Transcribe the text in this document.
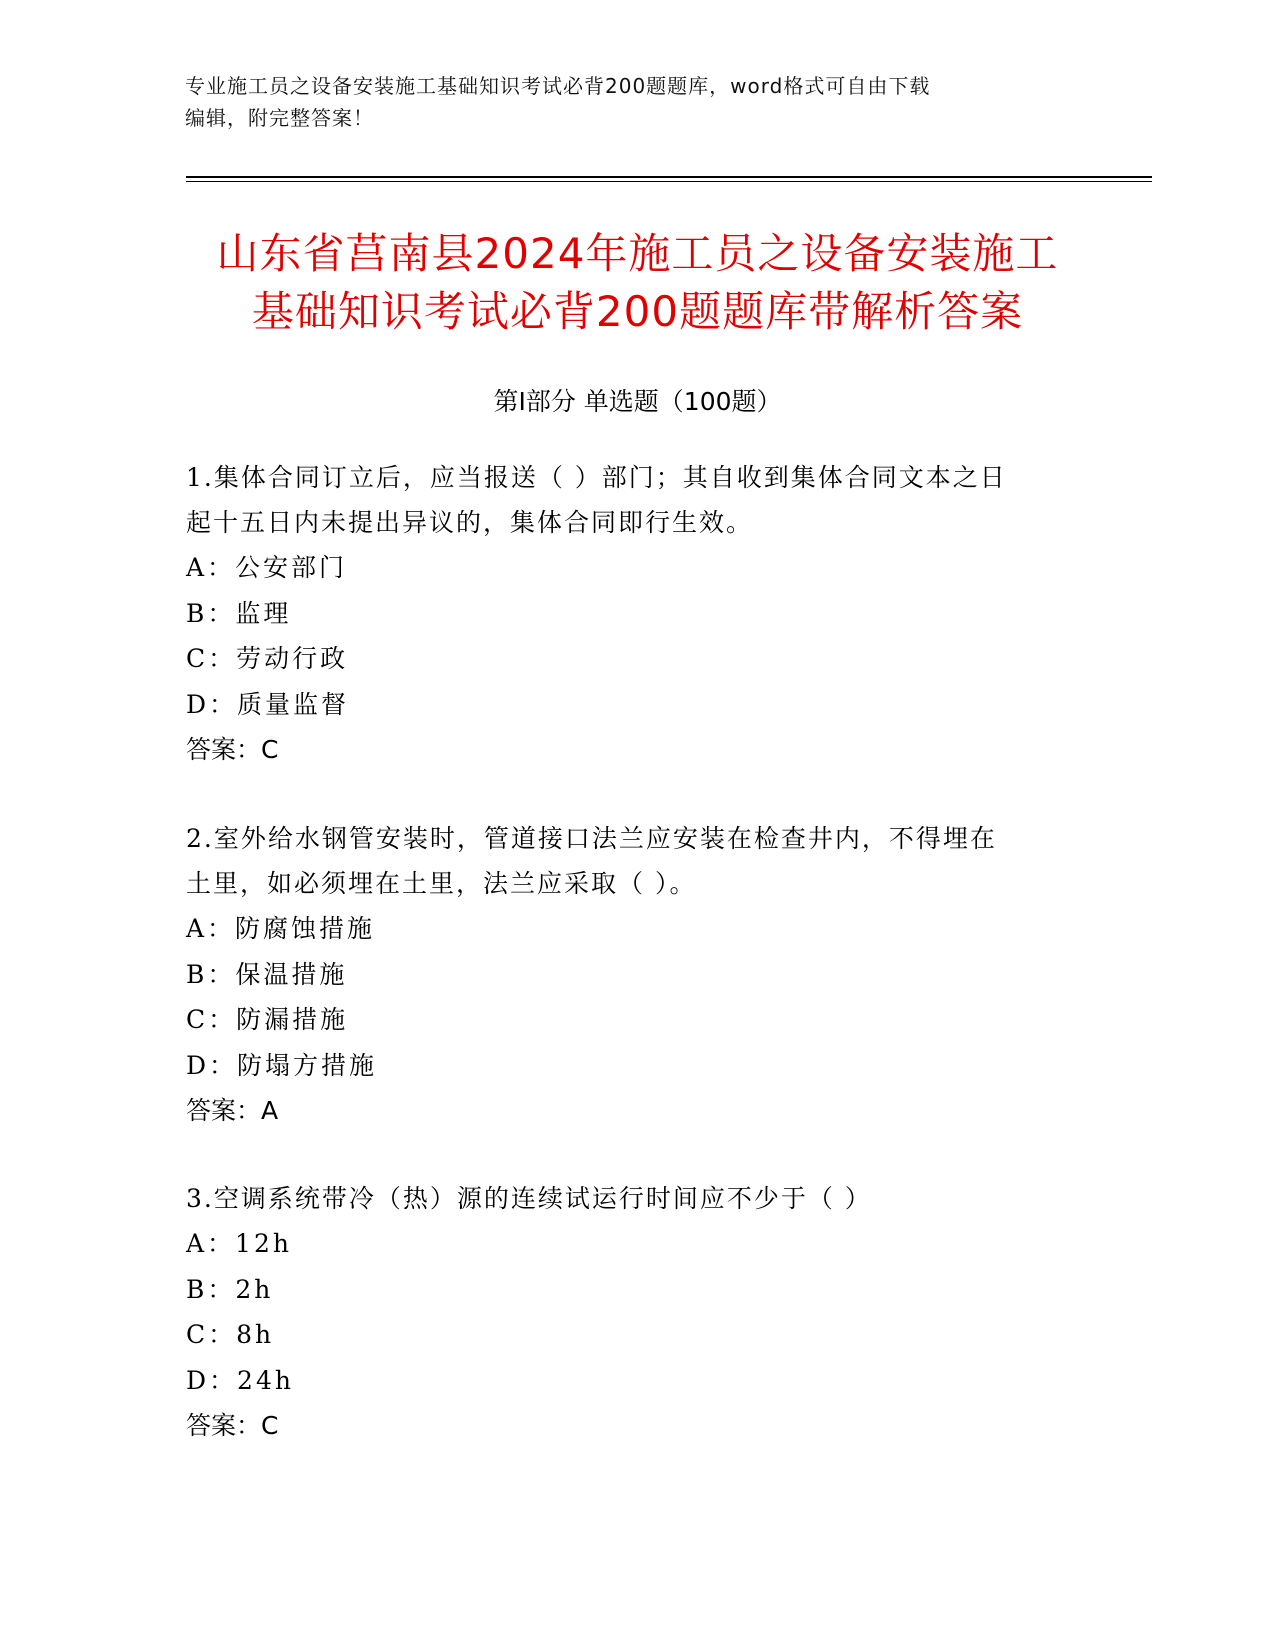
专业施工员之设备安装施工基础知识考试必背200题题库，word格式可自由下载
编辑，附完整答案！
山东省莒南县2024年施工员之设备安装施工
基础知识考试必背200题题库带解析答案
第Ⅰ部分 单选题（100题）

1.集体合同订立后，应当报送（ ）部门；其自收到集体合同文本之日

起十五日内未提出异议的，集体合同即行生效。

A：公安部门

B：监理

C：劳动行政

D：质量监督

答案：C

2.室外给水钢管安装时，管道接口法兰应安装在检查井内，不得埋在

土里，如必须埋在土里，法兰应采取（ ）。

A：防腐蚀措施

B：保温措施

C：防漏措施

D：防塌方措施

答案：A

3.空调系统带冷（热）源的连续试运行时间应不少于（ ）

A：12h

B：2h

C：8h

D：24h

答案：C
